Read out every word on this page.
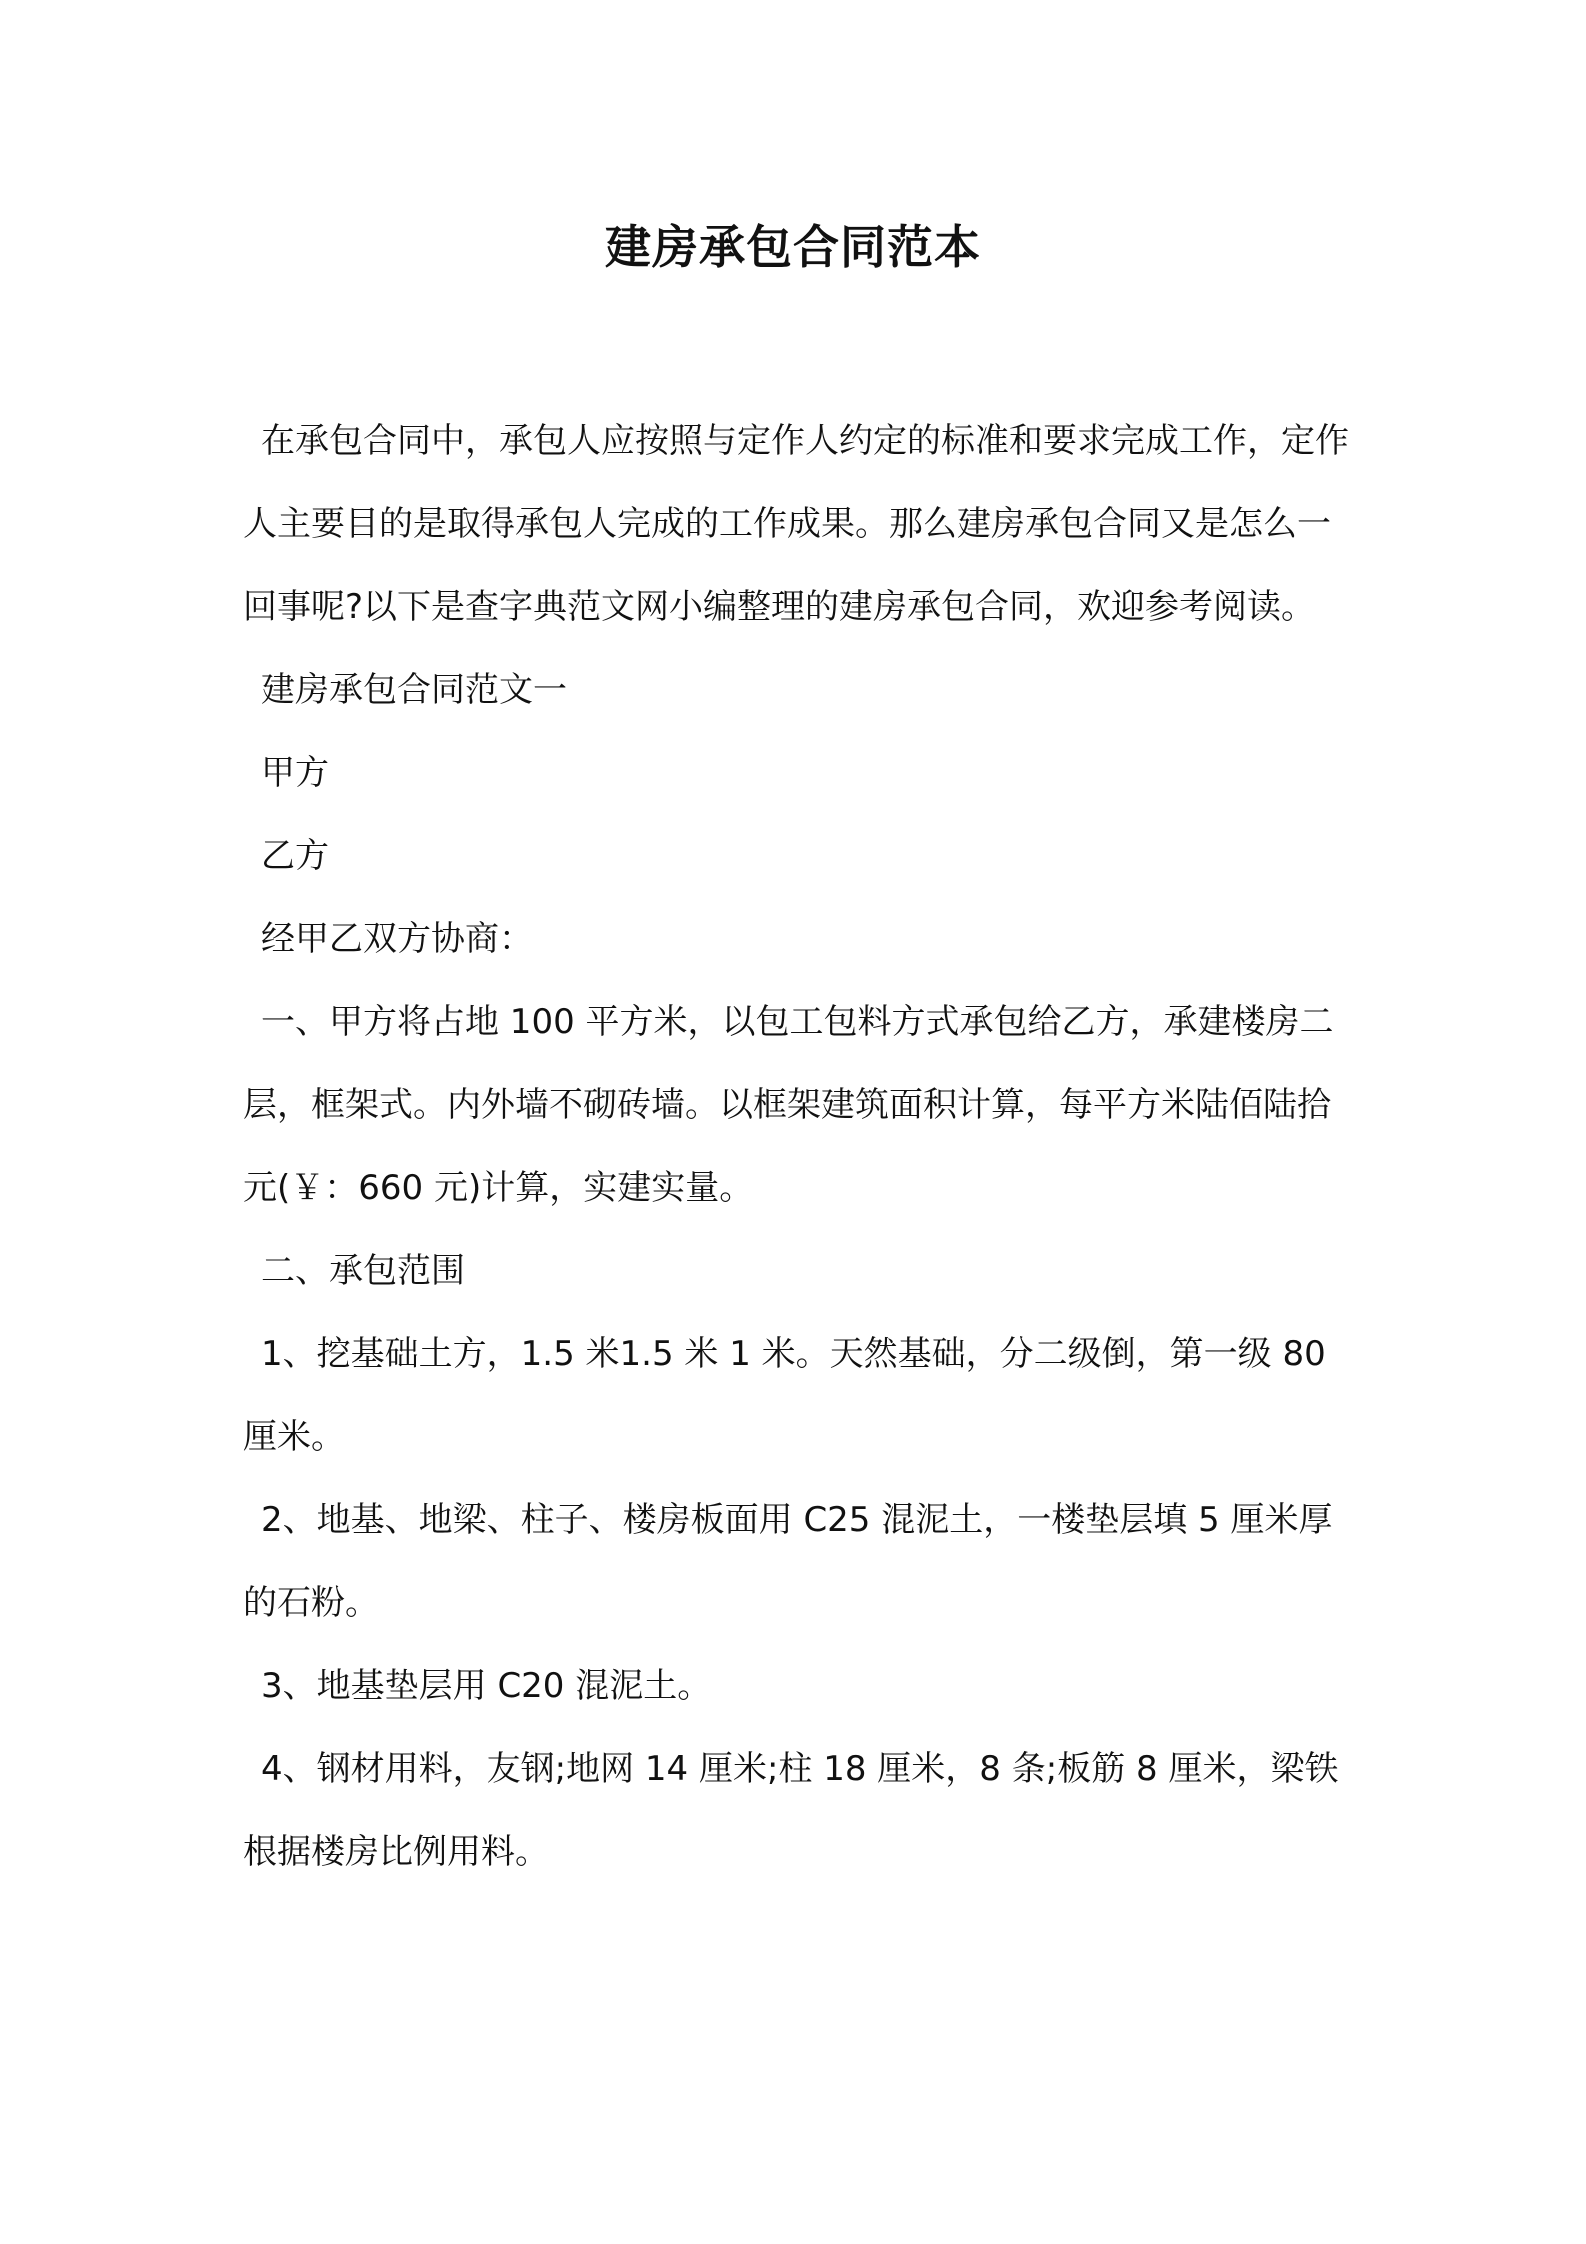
建房承包合同范本

在承包合同中，承包人应按照与定作人约定的标准和要求完成工作，定作人主要目的是取得承包人完成的工作成果。那么建房承包合同又是怎么一回事呢?以下是查字典范文网小编整理的建房承包合同，欢迎参考阅读。

建房承包合同范文一

甲方

乙方

经甲乙双方协商：

一、甲方将占地 100 平方米，以包工包料方式承包给乙方，承建楼房二层，框架式。内外墙不砌砖墙。以框架建筑面积计算，每平方米陆佰陆拾元(￥：660 元)计算，实建实量。

二、承包范围

1、挖基础土方，1.5 米1.5 米 1 米。天然基础，分二级倒，第一级 80 厘米。

2、地基、地梁、柱子、楼房板面用 C25 混泥土，一楼垫层填 5 厘米厚的石粉。

3、地基垫层用 C20 混泥土。

4、钢材用料，友钢;地网 14 厘米;柱 18 厘米，8 条;板筋 8 厘米，梁铁根据楼房比例用料。
